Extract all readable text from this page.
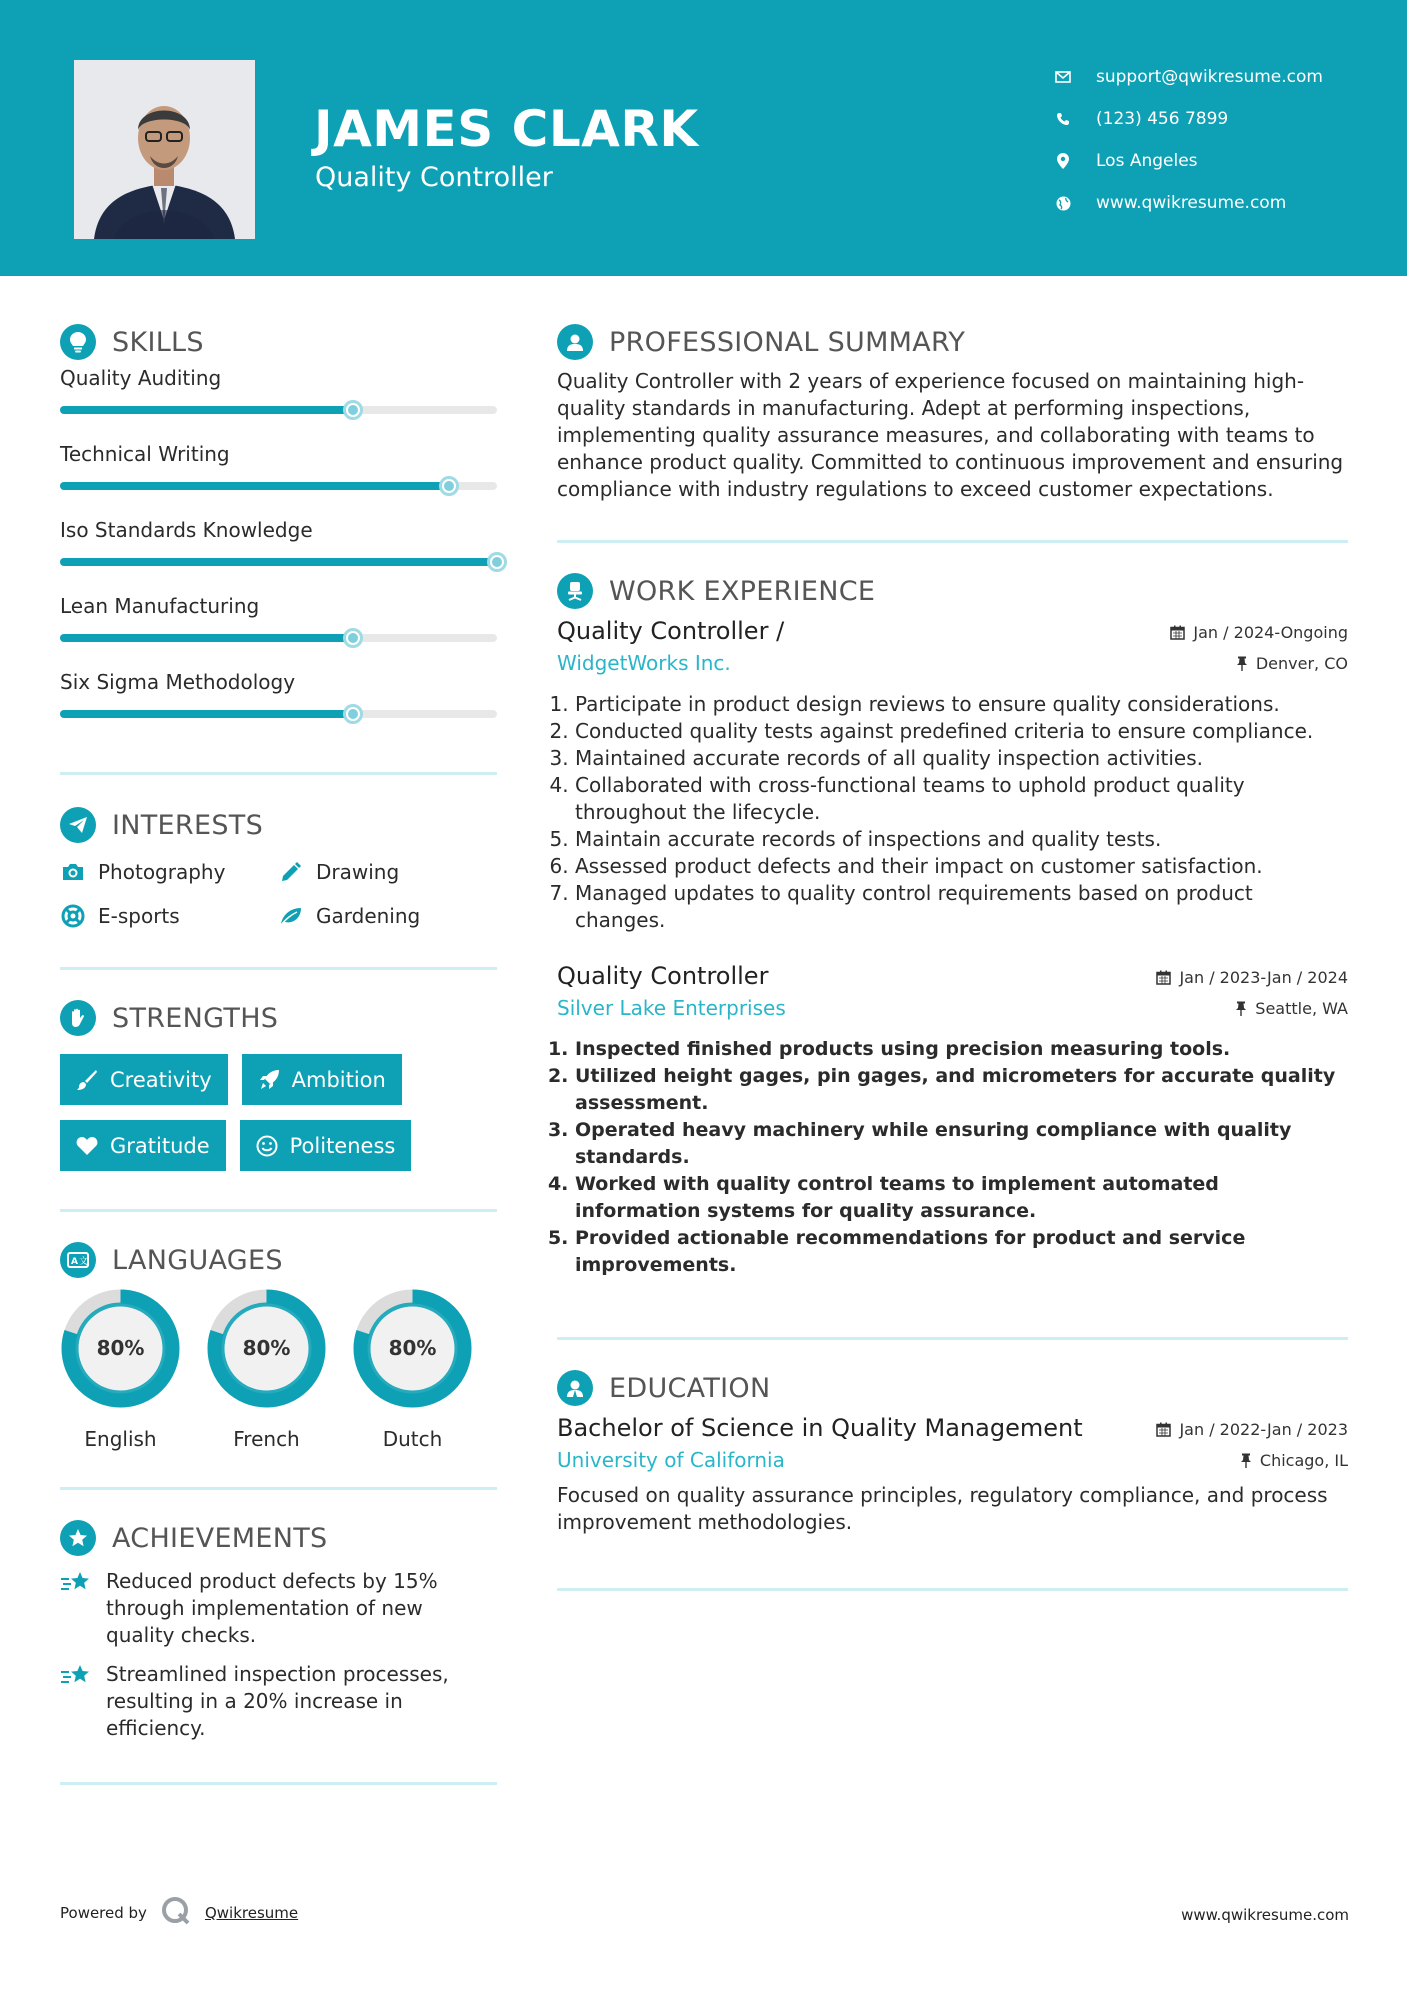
JAMES CLARK
Quality Controller
support@qwikresume.com
(123) 456 7899
Los Angeles
www.qwikresume.com
SKILLS
Quality Auditing
Technical Writing
Iso Standards Knowledge
Lean Manufacturing
Six Sigma Methodology
INTERESTS
Photography	Drawing
E-sports	Gardening
STRENGTHS
Creativity	Ambition
Gratitude	Politeness
A 文 LANGUAGES
80%
English
80%
French
80%
Dutch
ACHIEVEMENTS
Reduced product defects by 15% through implementation of new quality checks.
Streamlined inspection processes, resulting in a 20% increase in efficiency.
PROFESSIONAL SUMMARY

Quality Controller with 2 years of experience focused on maintaining high-quality standards in manufacturing. Adept at performing inspections, implementing quality assurance measures, and collaborating with teams to enhance product quality. Committed to continuous improvement and ensuring compliance with industry regulations to exceed customer expectations.

WORK EXPERIENCE
Quality Controller /	Jan / 2024-Ongoing
WidgetWorks Inc.	Denver, CO
1. Participate in product design reviews to ensure quality considerations.
2. Conducted quality tests against predefined criteria to ensure compliance.
3. Maintained accurate records of all quality inspection activities.
4. Collaborated with cross-functional teams to uphold product quality throughout the lifecycle.
5. Maintain accurate records of inspections and quality tests.
6. Assessed product defects and their impact on customer satisfaction.
7. Managed updates to quality control requirements based on product changes.
Quality Controller	Jan / 2023-Jan / 2024
Silver Lake Enterprises	Seattle, WA
1. Inspected finished products using precision measuring tools.
2. Utilized height gages, pin gages, and micrometers for accurate quality assessment.
3. Operated heavy machinery while ensuring compliance with quality standards.
4. Worked with quality control teams to implement automated information systems for quality assurance.
5. Provided actionable recommendations for product and service improvements.
EDUCATION
Bachelor of Science in Quality Management	Jan / 2022-Jan / 2023
University of California	Chicago, IL

Focused on quality assurance principles, regulatory compliance, and process improvement methodologies.

Powered by	Qwikresume	www.qwikresume.com
